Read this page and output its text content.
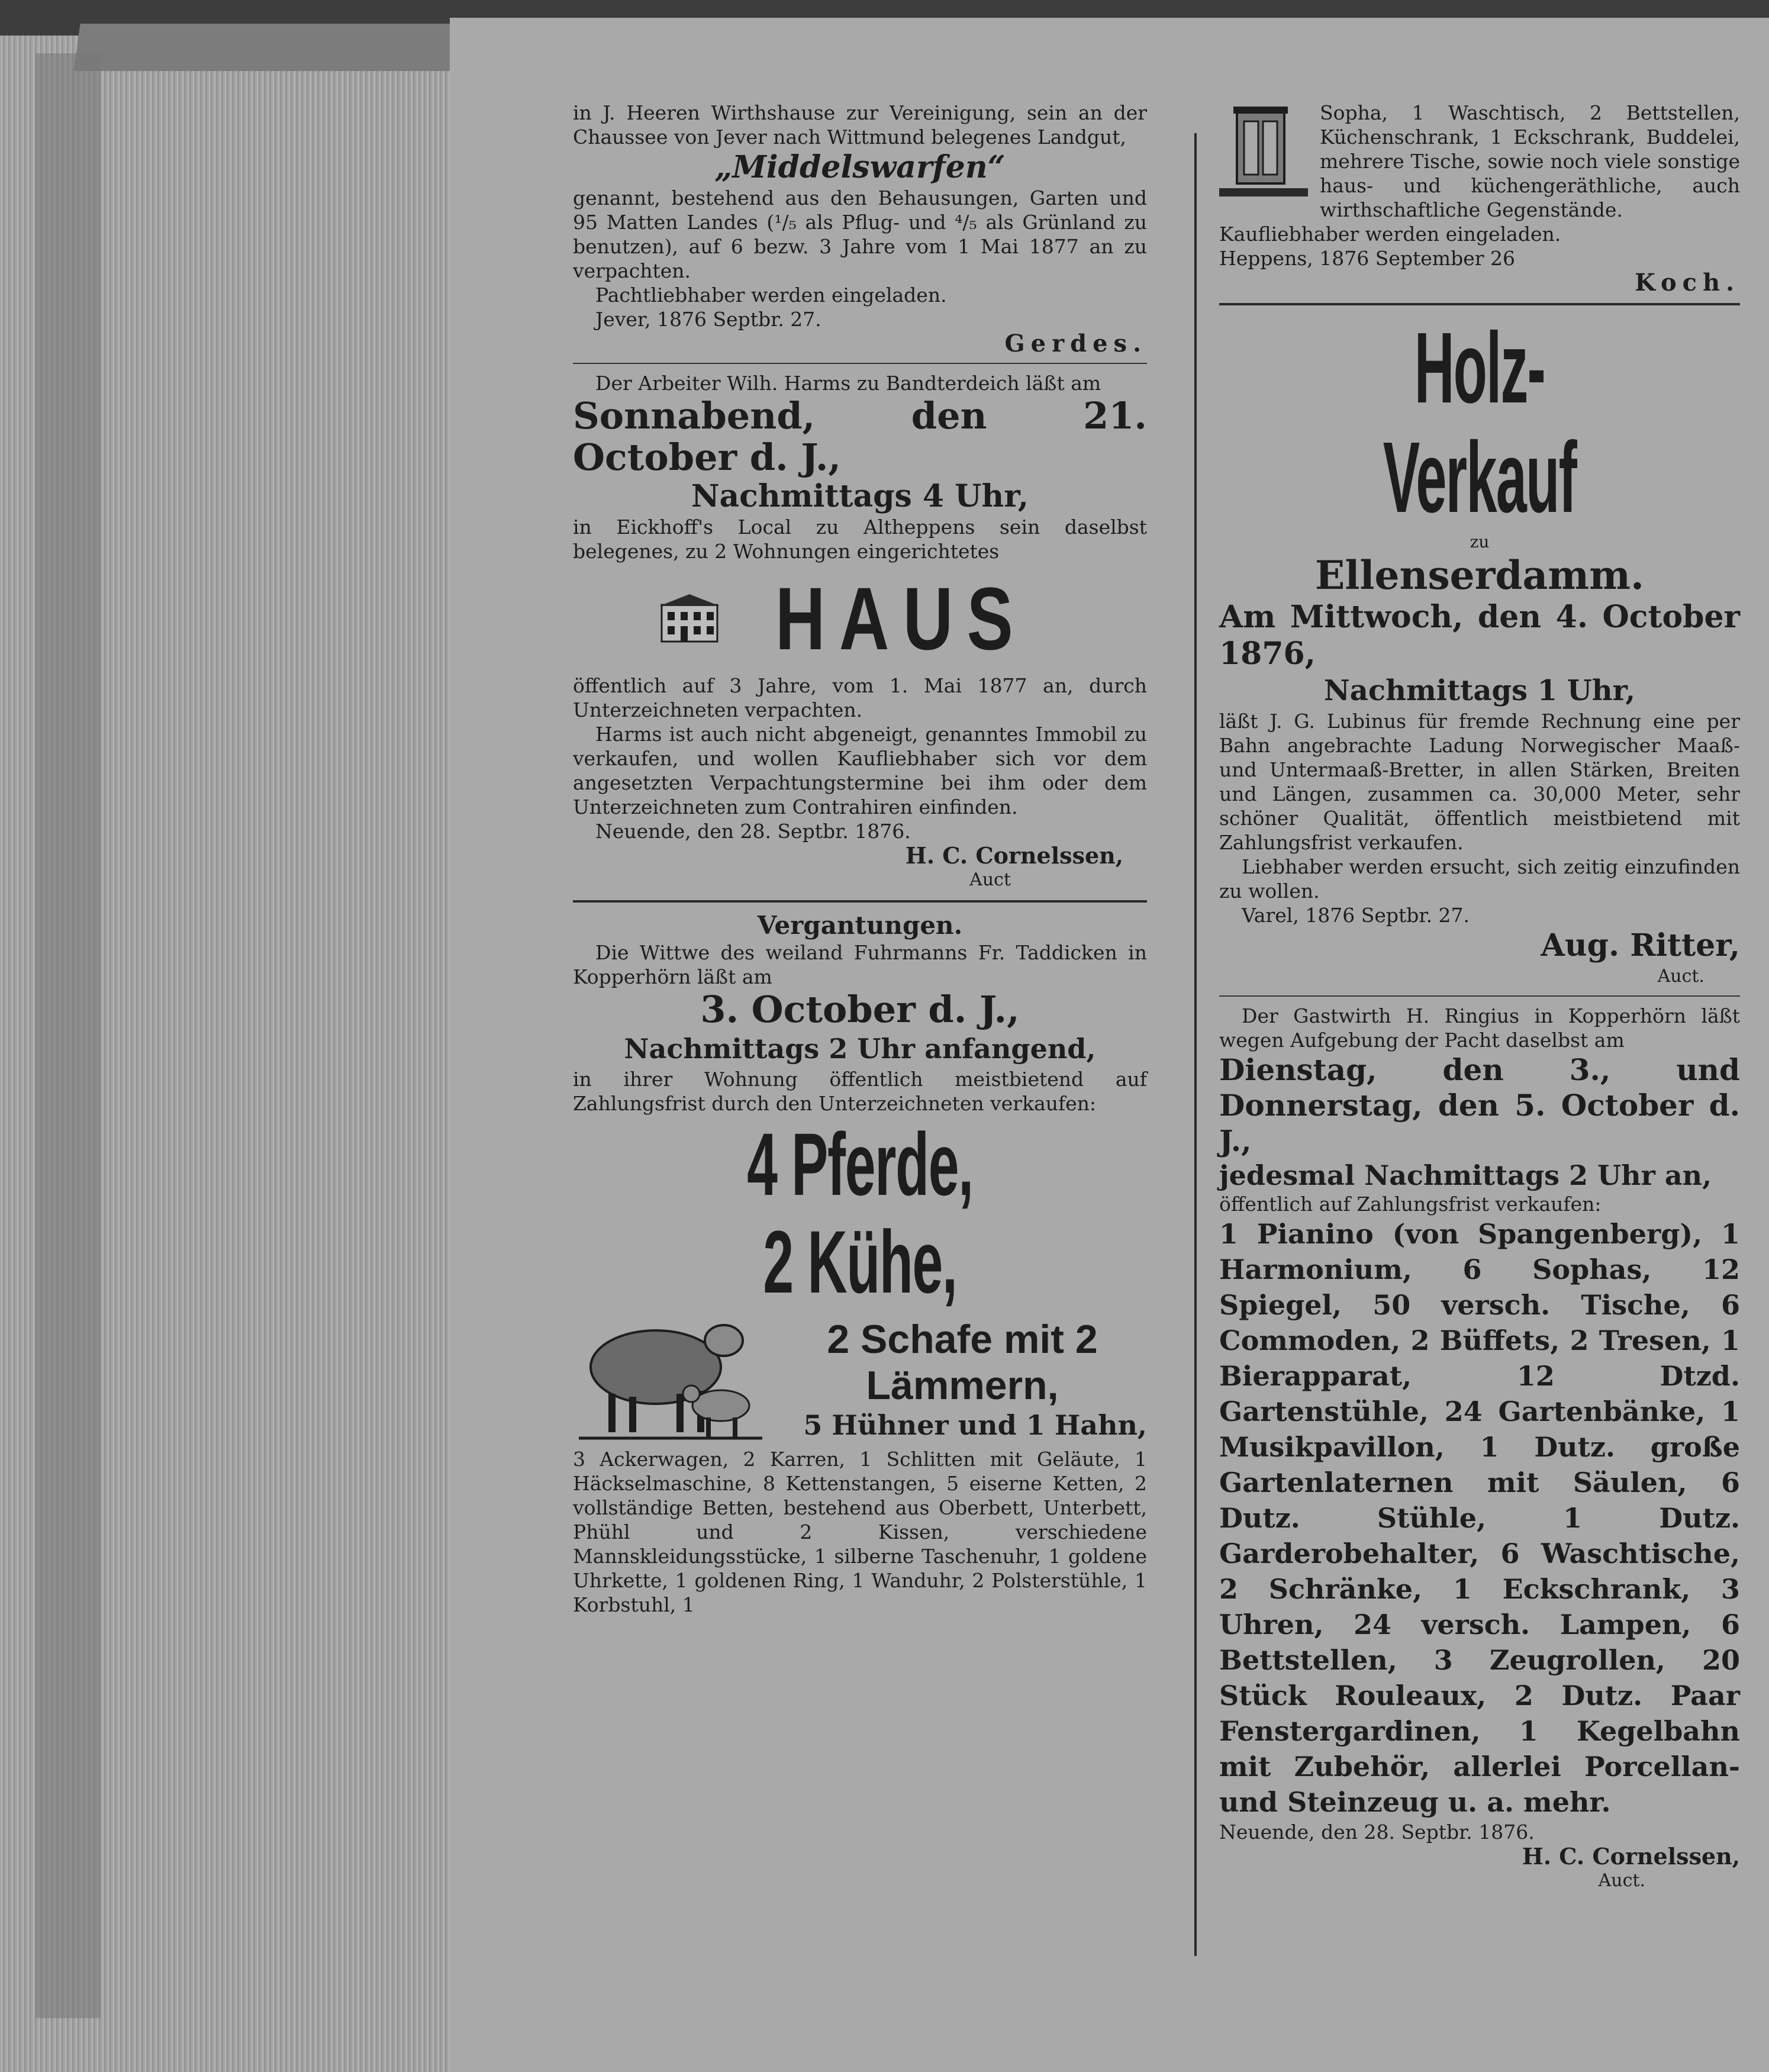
in J. Heeren Wirthshause zur Vereinigung, sein an der Chaussee von Jever nach Wittmund belegenes Landgut,

„Middelswarfen“

genannt, bestehend aus den Behausungen, Garten und 95 Matten Landes (¹/₅ als Pflug- und ⁴/₅ als Grünland zu benutzen), auf 6 bezw. 3 Jahre vom 1 Mai 1877 an zu verpachten.

Pachtliebhaber werden eingeladen.

Jever, 1876 Septbr. 27.

Gerdes.

Der Arbeiter Wilh. Harms zu Bandterdeich läßt am

Sonnabend, den 21. October d. J.,

Nachmittags 4 Uhr,

in Eickhoff's Local zu Altheppens sein daselbst belegenes, zu 2 Wohnungen eingerichtetes

HAUS

öffentlich auf 3 Jahre, vom 1. Mai 1877 an, durch Unterzeichneten verpachten.

Harms ist auch nicht abgeneigt, genanntes Immobil zu verkaufen, und wollen Kaufliebhaber sich vor dem angesetzten Verpachtungstermine bei ihm oder dem Unterzeichneten zum Contrahiren einfinden.

Neuende, den 28. Septbr. 1876.

H. C. Cornelssen,

Auct

Vergantungen.

Die Wittwe des weiland Fuhrmanns Fr. Taddicken in Kopperhörn läßt am

3. October d. J.,

Nachmittags 2 Uhr anfangend,

in ihrer Wohnung öffentlich meistbietend auf Zahlungsfrist durch den Unterzeichneten verkaufen:

4 Pferde,

2 Kühe,

2 Schafe mit 2 Lämmern,

5 Hühner und 1 Hahn,

3 Ackerwagen, 2 Karren, 1 Schlitten mit Geläute, 1 Häckselmaschine, 8 Kettenstangen, 5 eiserne Ketten, 2 vollständige Betten, bestehend aus Oberbett, Unterbett, Phühl und 2 Kissen, verschiedene Mannskleidungsstücke, 1 silberne Taschenuhr, 1 goldene Uhrkette, 1 goldenen Ring, 1 Wanduhr, 2 Polsterstühle, 1 Korbstuhl, 1

Sopha, 1 Waschtisch, 2 Bettstellen, Küchenschrank, 1 Eckschrank, Buddelei, mehrere Tische, sowie noch viele sonstige haus- und küchengeräthliche, auch wirthschaftliche Gegenstände.

Kaufliebhaber werden eingeladen.

Heppens, 1876 September 26

Koch.

Holz-Verkauf

zu

Ellenserdamm.

Am Mittwoch, den 4. October 1876,

Nachmittags 1 Uhr,

läßt J. G. Lubinus für fremde Rechnung eine per Bahn angebrachte Ladung Norwegischer Maaß- und Untermaaß-Bretter, in allen Stärken, Breiten und Längen, zusammen ca. 30,000 Meter, sehr schöner Qualität, öffentlich meistbietend mit Zahlungsfrist verkaufen.

Liebhaber werden ersucht, sich zeitig einzufinden zu wollen.

Varel, 1876 Septbr. 27.

Aug. Ritter,

Auct.

Der Gastwirth H. Ringius in Kopperhörn läßt wegen Aufgebung der Pacht daselbst am

Dienstag, den 3., und Donnerstag, den 5. October d. J.,

jedesmal Nachmittags 2 Uhr an,

öffentlich auf Zahlungsfrist verkaufen:

1 Pianino (von Spangenberg), 1 Harmonium, 6 Sophas, 12 Spiegel, 50 versch. Tische, 6 Commoden, 2 Büffets, 2 Tresen, 1 Bierapparat, 12 Dtzd. Gartenstühle, 24 Gartenbänke, 1 Musikpavillon, 1 Dutz. große Gartenlaternen mit Säulen, 6 Dutz. Stühle, 1 Dutz. Garderobehalter, 6 Waschtische, 2 Schränke, 1 Eckschrank, 3 Uhren, 24 versch. Lampen, 6 Bettstellen, 3 Zeugrollen, 20 Stück Rouleaux, 2 Dutz. Paar Fenstergardinen, 1 Kegelbahn mit Zubehör, allerlei Porcellan- und Steinzeug u. a. mehr.

Neuende, den 28. Septbr. 1876.

H. C. Cornelssen,

Auct.
